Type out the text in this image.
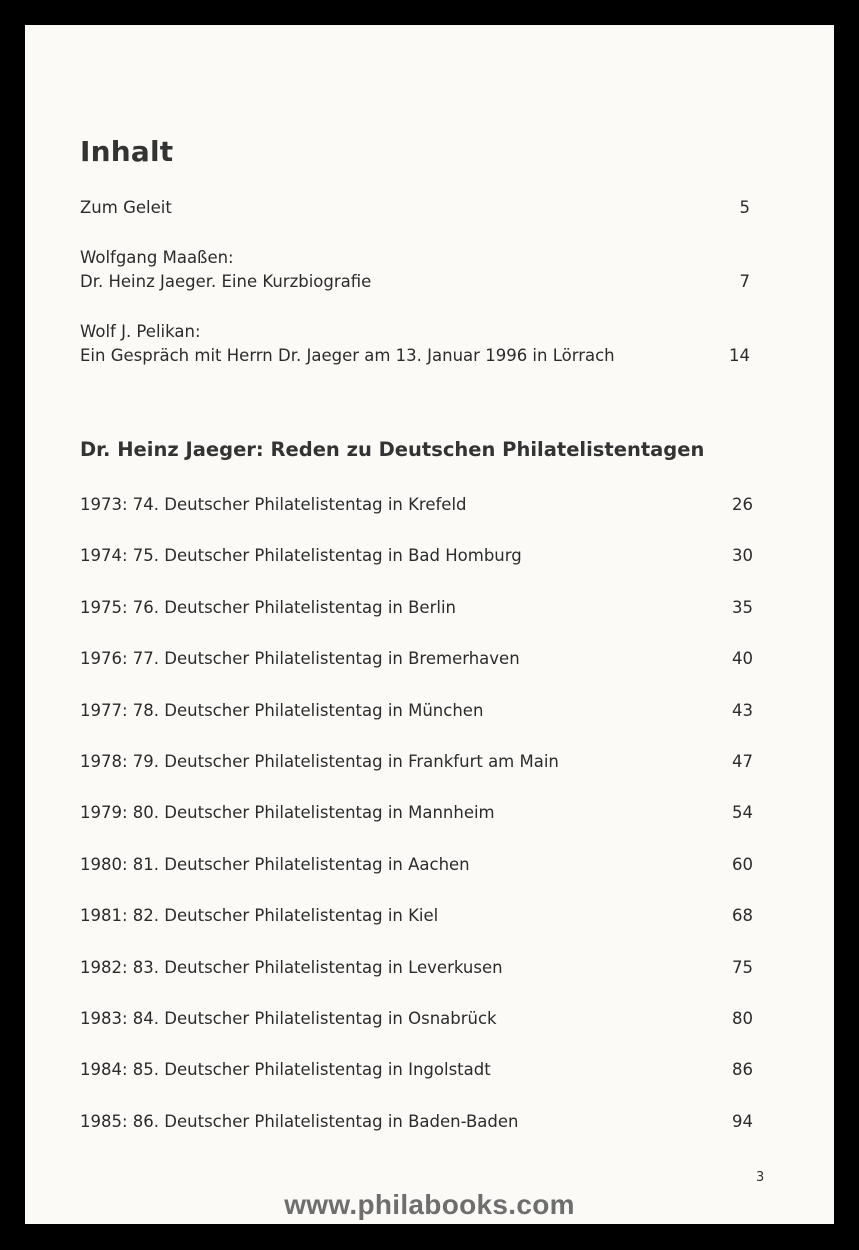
Inhalt
Zum Geleit	5
Wolfgang Maaßen:
Dr. Heinz Jaeger. Eine Kurzbiografie	7
Wolf J. Pelikan:
Ein Gespräch mit Herrn Dr. Jaeger am 13. Januar 1996 in Lörrach	14
Dr. Heinz Jaeger: Reden zu Deutschen Philatelistentagen
1973: 74. Deutscher Philatelistentag in Krefeld	26
1974: 75. Deutscher Philatelistentag in Bad Homburg	30
1975: 76. Deutscher Philatelistentag in Berlin	35
1976: 77. Deutscher Philatelistentag in Bremerhaven	40
1977: 78. Deutscher Philatelistentag in München	43
1978: 79. Deutscher Philatelistentag in Frankfurt am Main	47
1979: 80. Deutscher Philatelistentag in Mannheim	54
1980: 81. Deutscher Philatelistentag in Aachen	60
1981: 82. Deutscher Philatelistentag in Kiel	68
1982: 83. Deutscher Philatelistentag in Leverkusen	75
1983: 84. Deutscher Philatelistentag in Osnabrück	80
1984: 85. Deutscher Philatelistentag in Ingolstadt	86
1985: 86. Deutscher Philatelistentag in Baden-Baden	94
3
www.philabooks.com
